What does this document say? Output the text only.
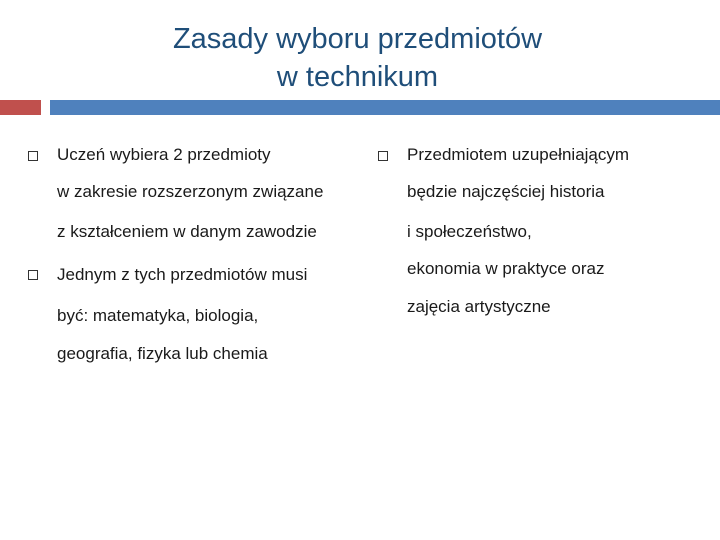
Zasady wyboru przedmiotów
w technikum
Uczeń wybiera 2 przedmioty
w zakresie rozszerzonym związane
z kształceniem w danym zawodzie
Jednym z tych przedmiotów musi
być: matematyka, biologia,
geografia, fizyka lub chemia
Przedmiotem uzupełniającym
będzie najczęściej historia
i społeczeństwo,
ekonomia w praktyce oraz
zajęcia artystyczne
